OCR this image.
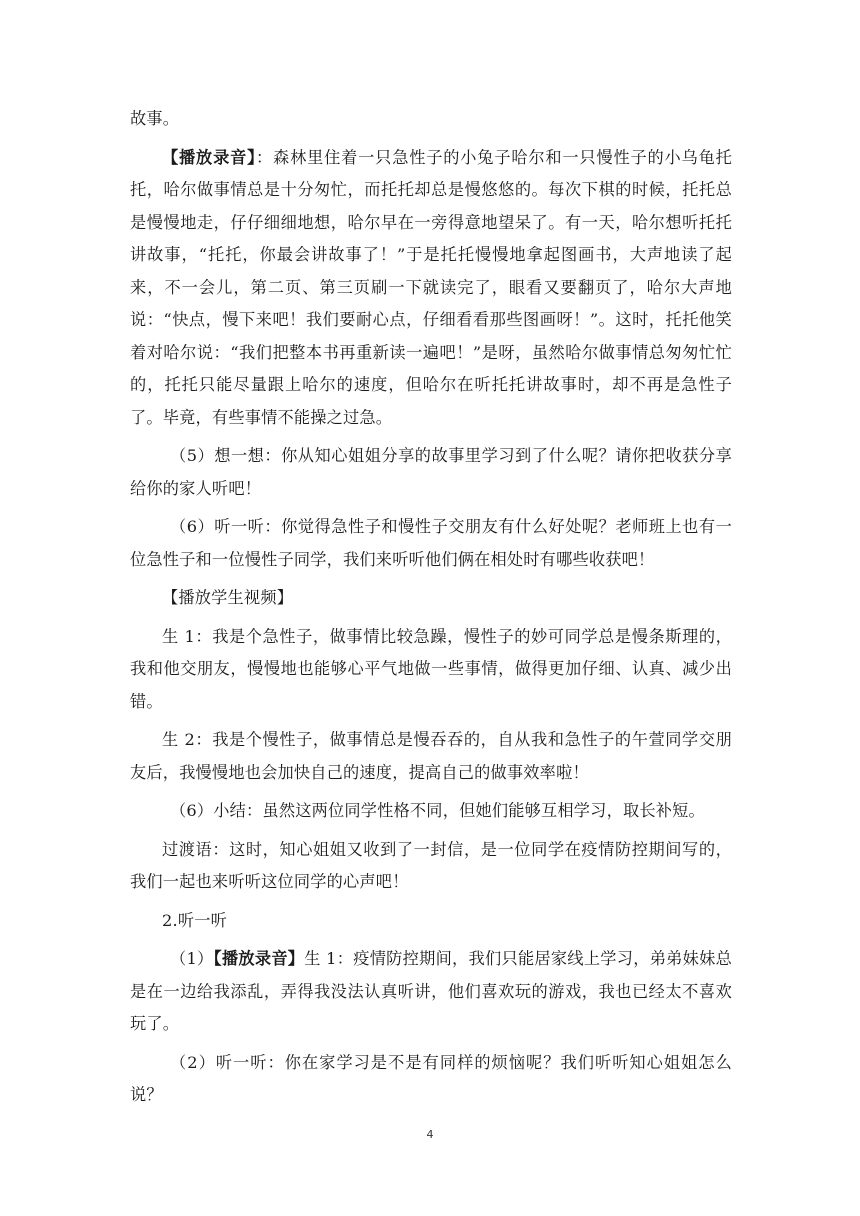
故事。

【播放录音】：森林里住着一只急性子的小兔子哈尔和一只慢性子的小乌龟托托，哈尔做事情总是十分匆忙，而托托却总是慢悠悠的。每次下棋的时候，托托总是慢慢地走，仔仔细细地想，哈尔早在一旁得意地望呆了。有一天，哈尔想听托托讲故事，“托托，你最会讲故事了！”于是托托慢慢地拿起图画书，大声地读了起来，不一会儿，第二页、第三页刷一下就读完了，眼看又要翻页了，哈尔大声地说：“快点，慢下来吧！我们要耐心点，仔细看看那些图画呀！”。这时，托托他笑着对哈尔说：“我们把整本书再重新读一遍吧！”是呀，虽然哈尔做事情总匆匆忙忙的，托托只能尽量跟上哈尔的速度，但哈尔在听托托讲故事时，却不再是急性子了。毕竟，有些事情不能操之过急。

（5）想一想：你从知心姐姐分享的故事里学习到了什么呢？请你把收获分享给你的家人听吧！

（6）听一听：你觉得急性子和慢性子交朋友有什么好处呢？老师班上也有一位急性子和一位慢性子同学，我们来听听他们俩在相处时有哪些收获吧！

【播放学生视频】

生 1：我是个急性子，做事情比较急躁，慢性子的妙可同学总是慢条斯理的，我和他交朋友，慢慢地也能够心平气地做一些事情，做得更加仔细、认真、减少出错。

生 2：我是个慢性子，做事情总是慢吞吞的，自从我和急性子的午萱同学交朋友后，我慢慢地也会加快自己的速度，提高自己的做事效率啦！

（6）小结：虽然这两位同学性格不同，但她们能够互相学习，取长补短。

过渡语：这时，知心姐姐又收到了一封信，是一位同学在疫情防控期间写的，我们一起也来听听这位同学的心声吧！

2.听一听

（1）【播放录音】生 1：疫情防控期间，我们只能居家线上学习，弟弟妹妹总是在一边给我添乱，弄得我没法认真听讲，他们喜欢玩的游戏，我也已经太不喜欢玩了。

（2）听一听：你在家学习是不是有同样的烦恼呢？我们听听知心姐姐怎么说？

4
